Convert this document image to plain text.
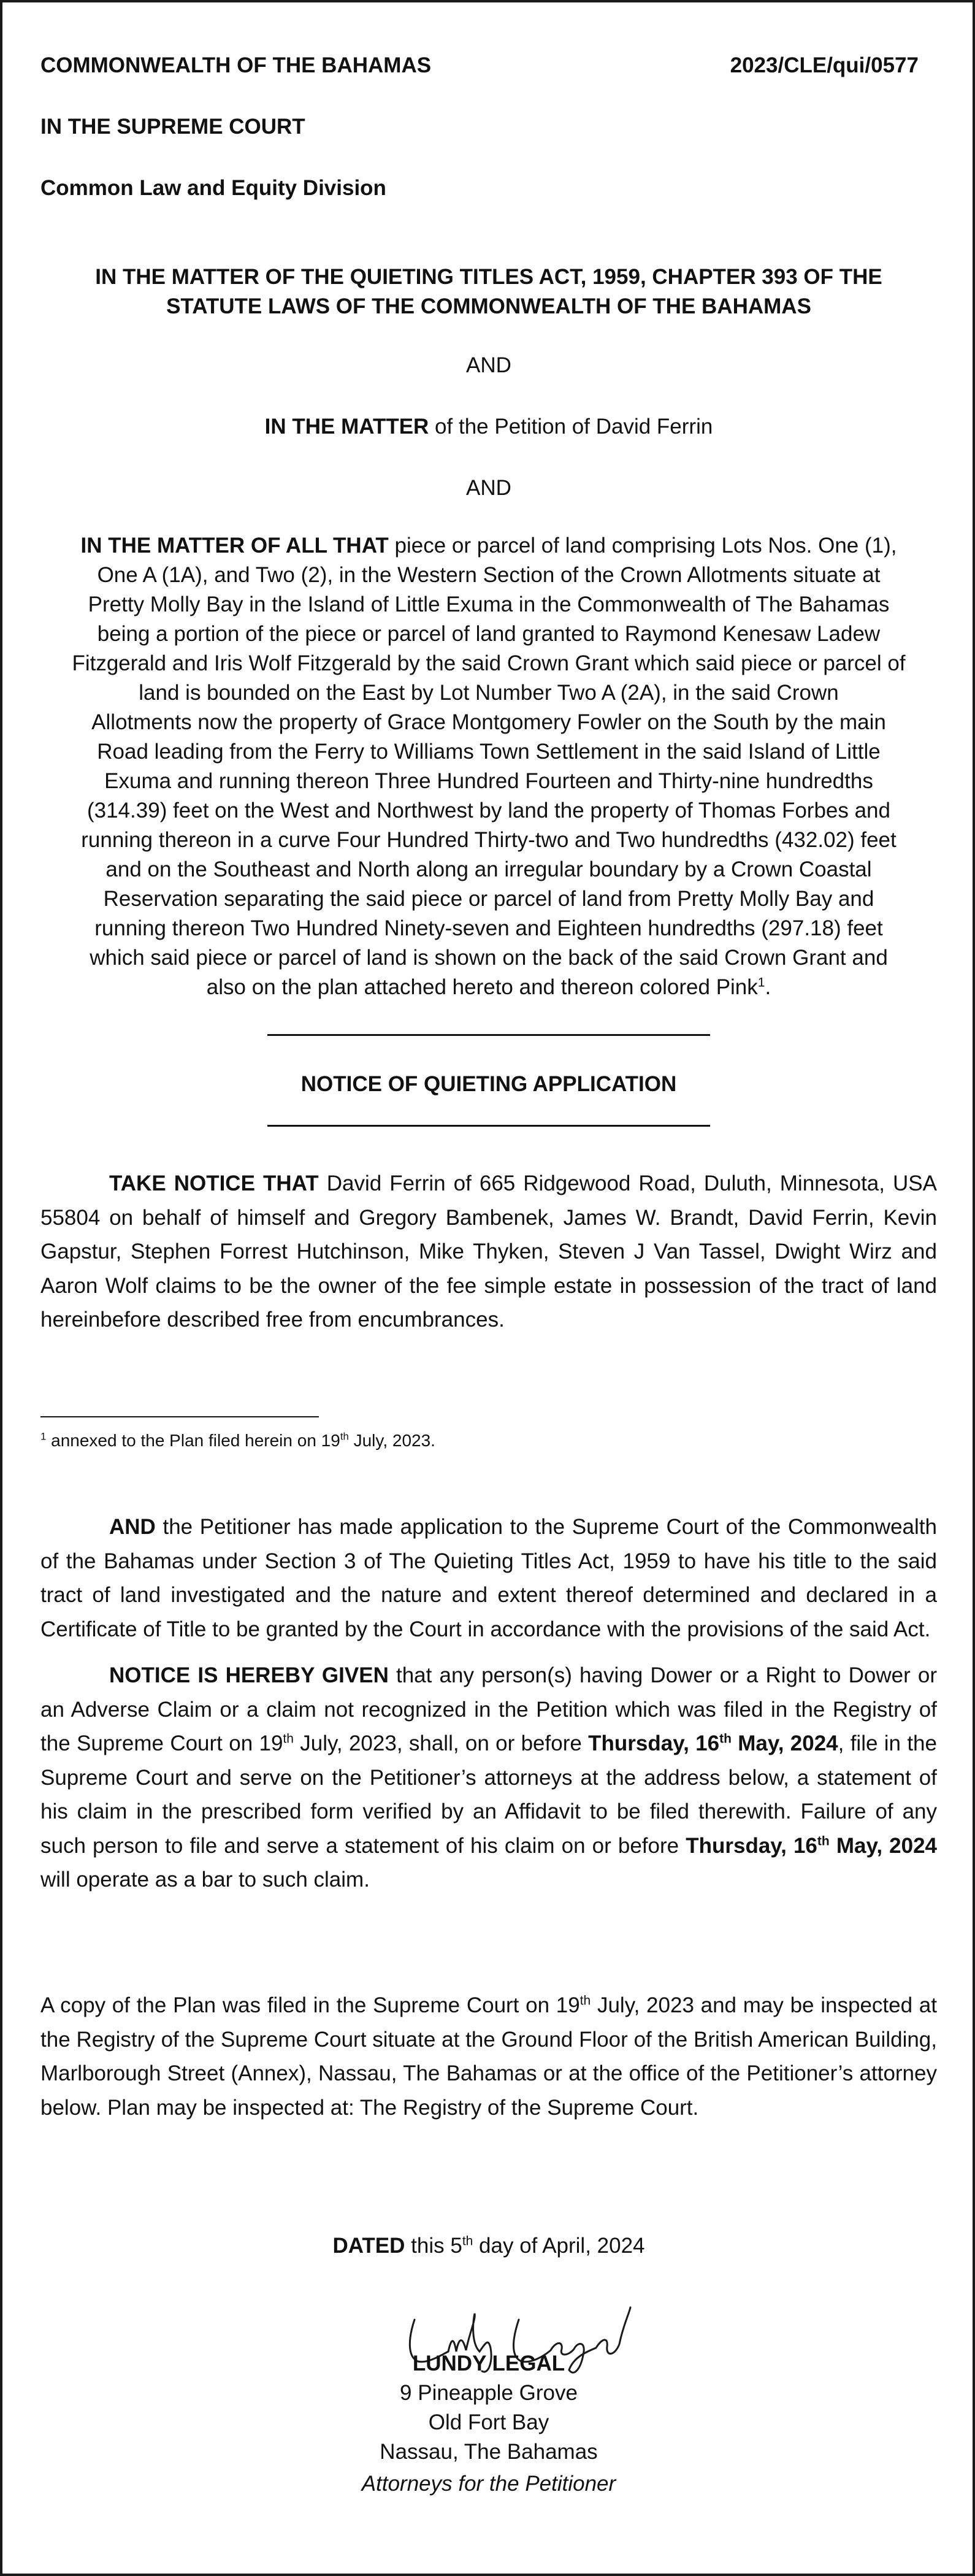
COMMONWEALTH OF THE BAHAMAS	2023/CLE/qui/0577
IN THE SUPREME COURT
Common Law and Equity Division
IN THE MATTER OF THE QUIETING TITLES ACT, 1959, CHAPTER 393 OF THE
STATUTE LAWS OF THE COMMONWEALTH OF THE BAHAMAS
AND
IN THE MATTER of the Petition of David Ferrin
AND
IN THE MATTER OF ALL THAT piece or parcel of land comprising Lots Nos. One (1),
One A (1A), and Two (2), in the Western Section of the Crown Allotments situate at
Pretty Molly Bay in the Island of Little Exuma in the Commonwealth of The Bahamas
being a portion of the piece or parcel of land granted to Raymond Kenesaw Ladew
Fitzgerald and Iris Wolf Fitzgerald by the said Crown Grant which said piece or parcel of
land is bounded on the East by Lot Number Two A (2A), in the said Crown
Allotments now the property of Grace Montgomery Fowler on the South by the main
Road leading from the Ferry to Williams Town Settlement in the said Island of Little
Exuma and running thereon Three Hundred Fourteen and Thirty-nine hundredths
(314.39) feet on the West and Northwest by land the property of Thomas Forbes and
running thereon in a curve Four Hundred Thirty-two and Two hundredths (432.02) feet
and on the Southeast and North along an irregular boundary by a Crown Coastal
Reservation separating the said piece or parcel of land from Pretty Molly Bay and
running thereon Two Hundred Ninety-seven and Eighteen hundredths (297.18) feet
which said piece or parcel of land is shown on the back of the said Crown Grant and
also on the plan attached hereto and thereon colored Pink$^1$.
NOTICE OF QUIETING APPLICATION
TAKE NOTICE THAT David Ferrin of 665 Ridgewood Road, Duluth, Minnesota, USA 55804 on behalf of himself and Gregory Bambenek, James W. Brandt, David Ferrin, Kevin Gapstur, Stephen Forrest Hutchinson, Mike Thyken, Steven J Van Tassel, Dwight Wirz and Aaron Wolf claims to be the owner of the fee simple estate in possession of the tract of land hereinbefore described free from encumbrances.
$^1$ annexed to the Plan filed herein on 19th July, 2023.
AND the Petitioner has made application to the Supreme Court of the Commonwealth of the Bahamas under Section 3 of The Quieting Titles Act, 1959 to have his title to the said tract of land investigated and the nature and extent thereof determined and declared in a Certificate of Title to be granted by the Court in accordance with the provisions of the said Act.
NOTICE IS HEREBY GIVEN that any person(s) having Dower or a Right to Dower or an Adverse Claim or a claim not recognized in the Petition which was filed in the Registry of the Supreme Court on 19th July, 2023, shall, on or before Thursday, 16th May, 2024, file in the Supreme Court and serve on the Petitioner’s attorneys at the address below, a statement of his claim in the prescribed form verified by an Affidavit to be filed therewith. Failure of any such person to file and serve a statement of his claim on or before Thursday, 16th May, 2024 will operate as a bar to such claim.
A copy of the Plan was filed in the Supreme Court on 19th July, 2023 and may be inspected at the Registry of the Supreme Court situate at the Ground Floor of the British American Building, Marlborough Street (Annex), Nassau, The Bahamas or at the office of the Petitioner’s attorney below. Plan may be inspected at: The Registry of the Supreme Court.
DATED this 5th day of April, 2024
LUNDY LEGAL
9 Pineapple Grove
Old Fort Bay
Nassau, The Bahamas
Attorneys for the Petitioner
